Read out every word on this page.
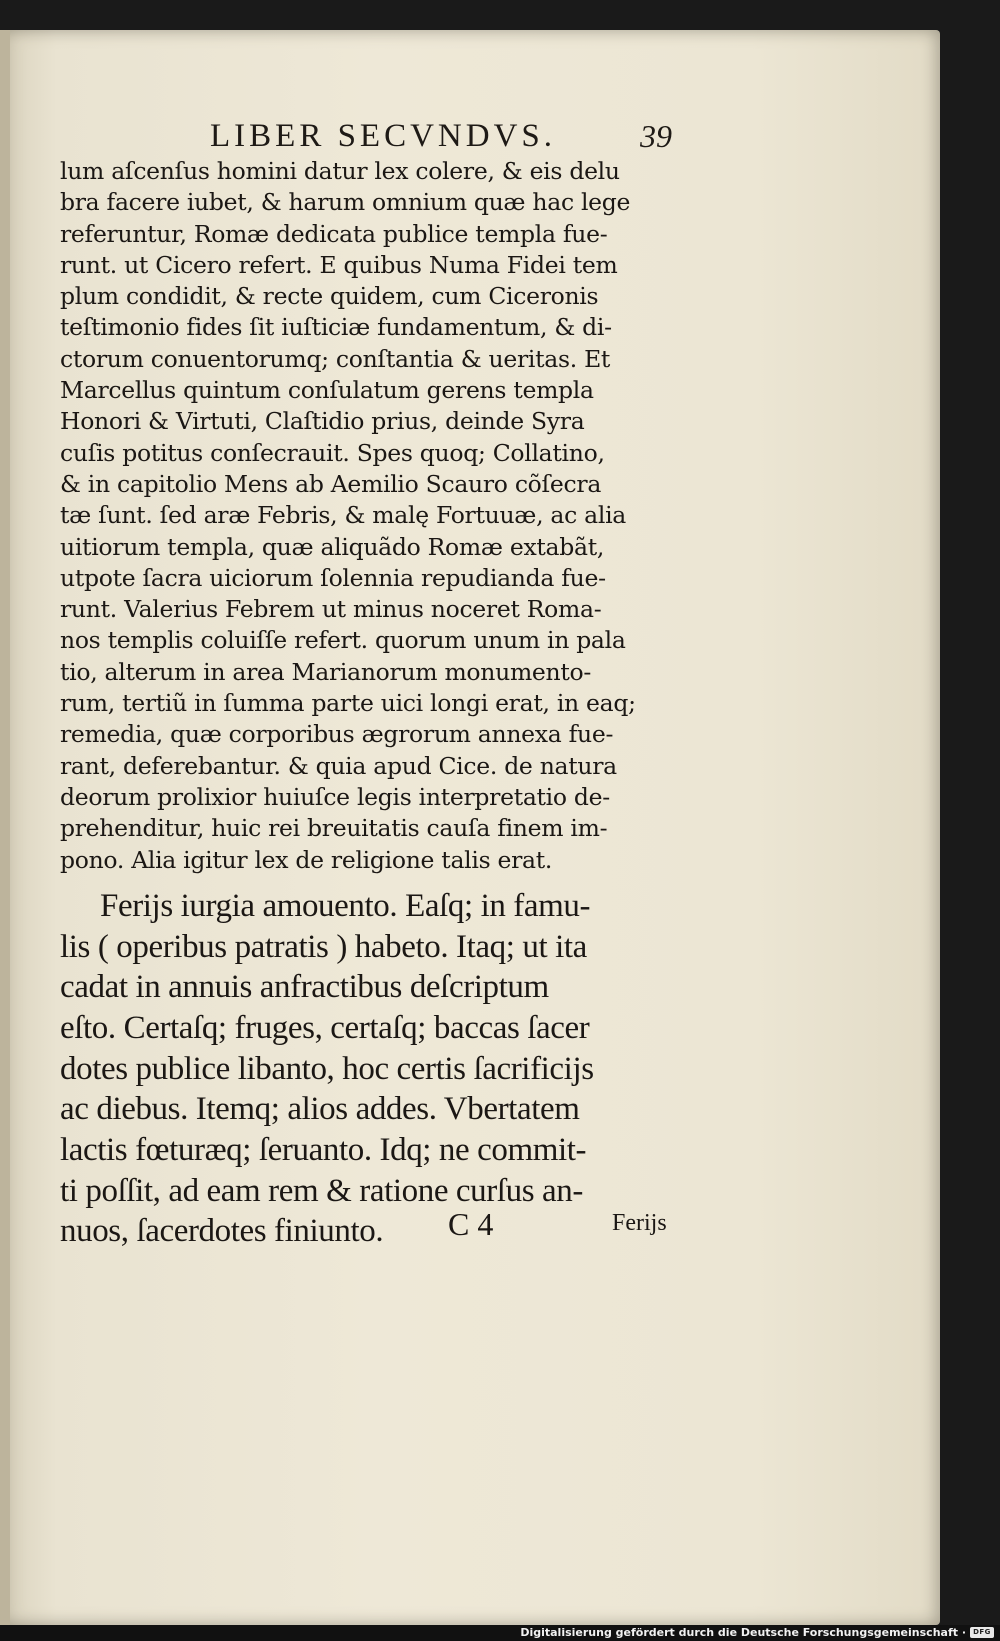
LIBER SECVNDVS.	39
lum aſcenſus homini datur lex colere, & eis delu
bra facere iubet, & harum omnium quæ hac lege
referuntur, Romæ dedicata publice templa fue-
runt. ut Cicero refert. E quibus Numa Fidei tem
plum condidit, & recte quidem, cum Ciceronis
teſtimonio fides ſit iuſticiæ fundamentum, & di-
ctorum conuentorumq; conſtantia & ueritas. Et
Marcellus quintum conſulatum gerens templa
Honori & Virtuti, Claſtidio prius, deinde Syra
cuſis potitus conſecrauit. Spes quoq; Collatino,
& in capitolio Mens ab Aemilio Scauro cõſecra
tæ ſunt. ſed aræ Febris, & malę Fortuuæ, ac alia
uitiorum templa, quæ aliquãdo Romæ extabãt,
utpote ſacra uiciorum ſolennia repudianda fue-
runt. Valerius Febrem ut minus noceret Roma-
nos templis coluiſſe refert. quorum unum in pala
tio, alterum in area Marianorum monumento-
rum, tertiũ in ſumma parte uici longi erat, in eaq;
remedia, quæ corporibus ægrorum annexa fue-
rant, deferebantur. & quia apud Cice. de natura
deorum prolixior huiuſce legis interpretatio de-
prehenditur, huic rei breuitatis cauſa finem im-
pono. Alia igitur lex de religione talis erat.
Ferijs iurgia amouento. Eaſq; in famu-
lis ( operibus patratis ) habeto. Itaq; ut ita
cadat in annuis anfractibus deſcriptum
eſto. Certaſq; fruges, certaſq; baccas ſacer
dotes publice libanto, hoc certis ſacrificijs
ac diebus. Itemq; alios addes. Vbertatem
lactis fœturæq; ſeruanto. Idq; ne commit-
ti poſſit, ad eam rem & ratione curſus an-
nuos, ſacerdotes finiunto.	C 4	Ferijs
Digitalisierung gefördert durch die Deutsche Forschungsgemeinschaft ·	DFG
